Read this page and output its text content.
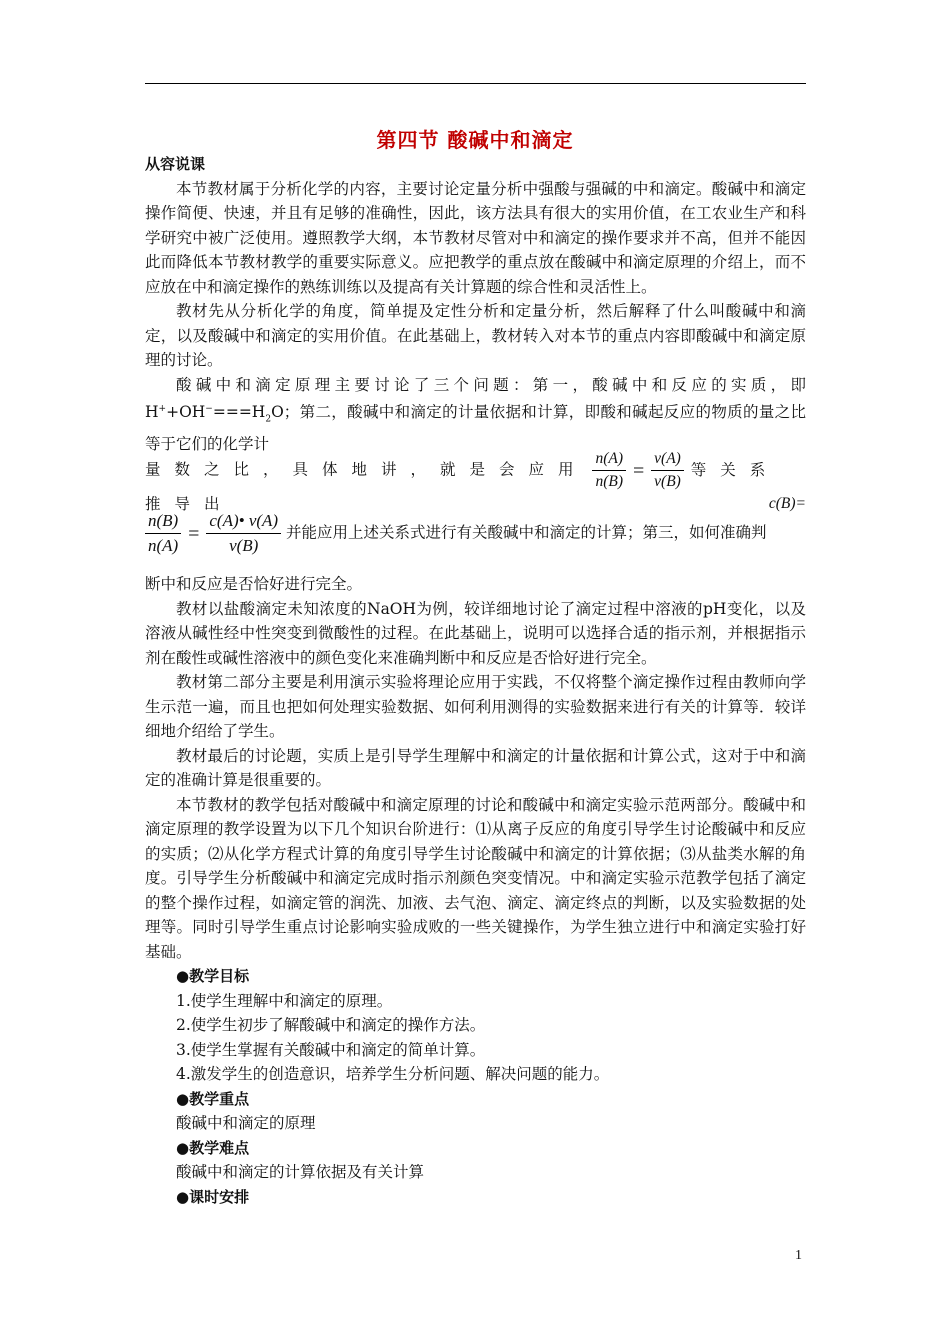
第四节 酸碱中和滴定
从容说课
本节教材属于分析化学的内容，主要讨论定量分析中强酸与强碱的中和滴定。酸碱中和滴定操作简便、快速，并且有足够的准确性，因此，该方法具有很大的实用价值，在工农业生产和科学研究中被广泛使用。遵照教学大纲，本节教材尽管对中和滴定的操作要求并不高，但并不能因此而降低本节教材教学的重要实际意义。应把教学的重点放在酸碱中和滴定原理的介绍上，而不应放在中和滴定操作的熟练训练以及提高有关计算题的综合性和灵活性上。
教材先从分析化学的角度，简单提及定性分析和定量分析，然后解释了什么叫酸碱中和滴定，以及酸碱中和滴定的实用价值。在此基础上，教材转入对本节的重点内容即酸碱中和滴定原理的讨论。
酸碱中和滴定原理主要讨论了三个问题：第一，酸碱中和反应的实质，即$H^++OH^-===H_2O$；第二，酸碱中和滴定的计量依据和计算，即酸和碱起反应的物质的量之比等于它们的化学计
量数之比，具体地讲，就是会应用 $\frac{n(A)}{n(B)} = \frac{v(A)}{v(B)}$ 等关系推导出	c(B)=
$\frac{n(B)}{n(A)} = \frac{c(A)• v(A)}{v(B)}$ 并能应用上述关系式进行有关酸碱中和滴定的计算；第三，如何准确判
断中和反应是否恰好进行完全。
教材以盐酸滴定未知浓度的NaOH为例，较详细地讨论了滴定过程中溶液的pH变化，以及溶液从碱性经中性突变到微酸性的过程。在此基础上，说明可以选择合适的指示剂，并根据指示剂在酸性或碱性溶液中的颜色变化来准确判断中和反应是否恰好进行完全。
教材第二部分主要是利用演示实验将理论应用于实践，不仅将整个滴定操作过程由教师向学生示范一遍，而且也把如何处理实验数据、如何利用测得的实验数据来进行有关的计算等．较详细地介绍给了学生。
教材最后的讨论题，实质上是引导学生理解中和滴定的计量依据和计算公式，这对于中和滴定的准确计算是很重要的。
本节教材的教学包括对酸碱中和滴定原理的讨论和酸碱中和滴定实验示范两部分。酸碱中和滴定原理的教学设置为以下几个知识台阶进行：⑴从离子反应的角度引导学生讨论酸碱中和反应的实质；⑵从化学方程式计算的角度引导学生讨论酸碱中和滴定的计算依据；⑶从盐类水解的角度。引导学生分析酸碱中和滴定完成时指示剂颜色突变情况。中和滴定实验示范教学包括了滴定的整个操作过程，如滴定管的润洗、加液、去气泡、滴定、滴定终点的判断，以及实验数据的处理等。同时引导学生重点讨论影响实验成败的一些关键操作，为学生独立进行中和滴定实验打好基础。
●教学目标
1.使学生理解中和滴定的原理。
2.使学生初步了解酸碱中和滴定的操作方法。
3.使学生掌握有关酸碱中和滴定的简单计算。
4.激发学生的创造意识，培养学生分析问题、解决问题的能力。
●教学重点
酸碱中和滴定的原理
●教学难点
酸碱中和滴定的计算依据及有关计算
●课时安排
1
